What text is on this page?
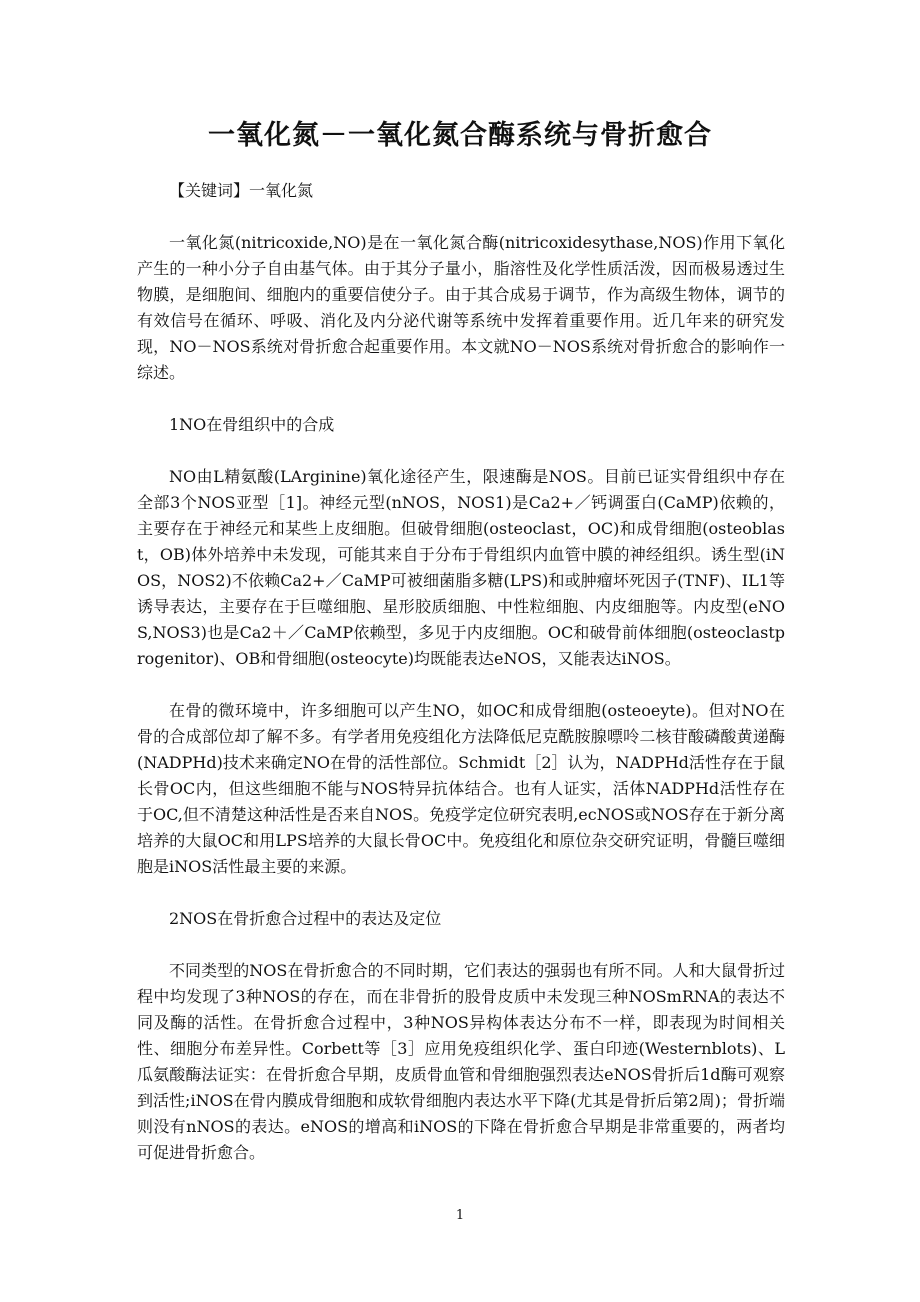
一氧化氮－一氧化氮合酶系统与骨折愈合

【关键词】一氧化氮

一氧化氮(nitricoxide,NO)是在一氧化氮合酶(nitricoxidesythase,NOS)作用下氧化产生的一种小分子自由基气体。由于其分子量小，脂溶性及化学性质活泼，因而极易透过生物膜，是细胞间、细胞内的重要信使分子。由于其合成易于调节，作为高级生物体，调节的有效信号在循环、呼吸、消化及内分泌代谢等系统中发挥着重要作用。近几年来的研究发现，NO－NOS系统对骨折愈合起重要作用。本文就NO－NOS系统对骨折愈合的影响作一综述。

1NO在骨组织中的合成

NO由L精氨酸(LArginine)氧化途径产生，限速酶是NOS。目前已证实骨组织中存在全部3个NOS亚型［1]。神经元型(nNOS，NOS1)是Ca2+／钙调蛋白(CaMP)依赖的，主要存在于神经元和某些上皮细胞。但破骨细胞(osteoclast，OC)和成骨细胞(osteoblast，OB)体外培养中未发现，可能其来自于分布于骨组织内血管中膜的神经组织。诱生型(iNOS，NOS2)不依赖Ca2+／CaMP可被细菌脂多糖(LPS)和或肿瘤坏死因子(TNF)、IL1等诱导表达，主要存在于巨噬细胞、星形胶质细胞、中性粒细胞、内皮细胞等。内皮型(eNOS,NOS3)也是Ca2＋／CaMP依赖型，多见于内皮细胞。OC和破骨前体细胞(osteoclastprogenitor)、OB和骨细胞(osteocyte)均既能表达eNOS，又能表达iNOS。

在骨的微环境中，许多细胞可以产生NO，如OC和成骨细胞(osteoeyte)。但对NO在骨的合成部位却了解不多。有学者用免疫组化方法降低尼克酰胺腺嘌呤二核苷酸磷酸黄递酶(NADPHd)技术来确定NO在骨的活性部位。Schmidt［2］认为，NADPHd活性存在于鼠长骨OC内，但这些细胞不能与NOS特异抗体结合。也有人证实，活体NADPHd活性存在于OC,但不清楚这种活性是否来自NOS。免疫学定位研究表明,ecNOS或NOS存在于新分离培养的大鼠OC和用LPS培养的大鼠长骨OC中。免疫组化和原位杂交研究证明，骨髓巨噬细胞是iNOS活性最主要的来源。

2NOS在骨折愈合过程中的表达及定位

不同类型的NOS在骨折愈合的不同时期，它们表达的强弱也有所不同。人和大鼠骨折过程中均发现了3种NOS的存在，而在非骨折的股骨皮质中未发现三种NOSmRNA的表达不同及酶的活性。在骨折愈合过程中，3种NOS异构体表达分布不一样，即表现为时间相关性、细胞分布差异性。Corbett等［3］应用免疫组织化学、蛋白印迹(Westernblots)、L瓜氨酸酶法证实：在骨折愈合早期，皮质骨血管和骨细胞强烈表达eNOS骨折后1d酶可观察到活性;iNOS在骨内膜成骨细胞和成软骨细胞内表达水平下降(尤其是骨折后第2周)；骨折端则没有nNOS的表达。eNOS的增高和iNOS的下降在骨折愈合早期是非常重要的，两者均可促进骨折愈合。

1
